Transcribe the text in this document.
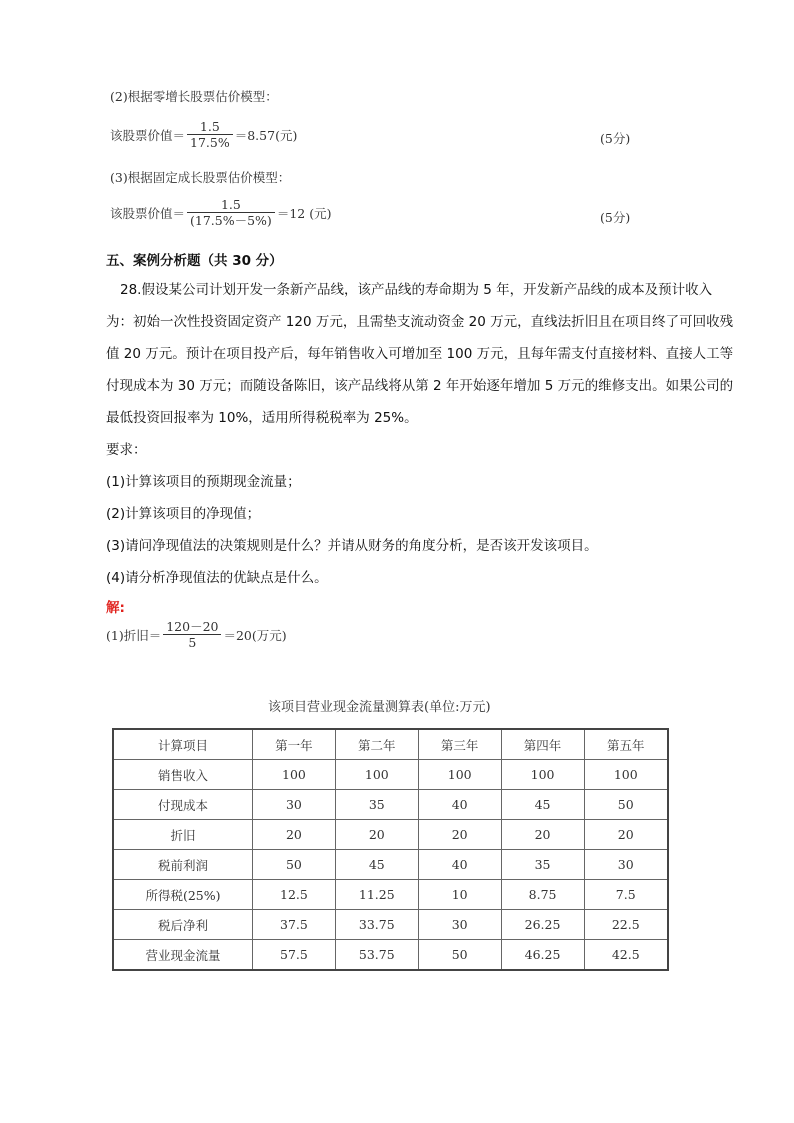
(2)根据零增长股票估价模型：
该股票价值＝ $\frac{1.5}{17.5\%} =8.57$(元)	(5分)
(3)根据固定成长股票估价模型：
该股票价值＝ $\frac{1.5}{(17.5\%-5\%)} =12$ (元)	(5分)
五、案例分析题（共 30 分）
28.假设某公司计划开发一条新产品线，该产品线的寿命期为 5 年，开发新产品线的成本及预计收入
为：初始一次性投资固定资产 120 万元，且需垫支流动资金 20 万元，直线法折旧且在项目终了可回收残
值 20 万元。预计在项目投产后，每年销售收入可增加至 100 万元，且每年需支付直接材料、直接人工等
付现成本为 30 万元；而随设备陈旧，该产品线将从第 2 年开始逐年增加 5 万元的维修支出。如果公司的
最低投资回报率为 10%，适用所得税税率为 25%。
要求：
(1)计算该项目的预期现金流量；
(2)计算该项目的净现值；
(3)请问净现值法的决策规则是什么？并请从财务的角度分析，是否该开发该项目。
(4)请分析净现值法的优缺点是什么。
解:
(1)折旧＝ $\frac{120-20}{5} =20$(万元)
该项目营业现金流量测算表(单位:万元)
计算项目	第一年	第二年	第三年	第四年	第五年
销售收入	100	100	100	100	100
付现成本	30	35	40	45	50
折旧	20	20	20	20	20
税前利润	50	45	40	35	30
所得税(25%)	12.5	11.25	10	8.75	7.5
税后净利	37.5	33.75	30	26.25	22.5
营业现金流量	57.5	53.75	50	46.25	42.5
